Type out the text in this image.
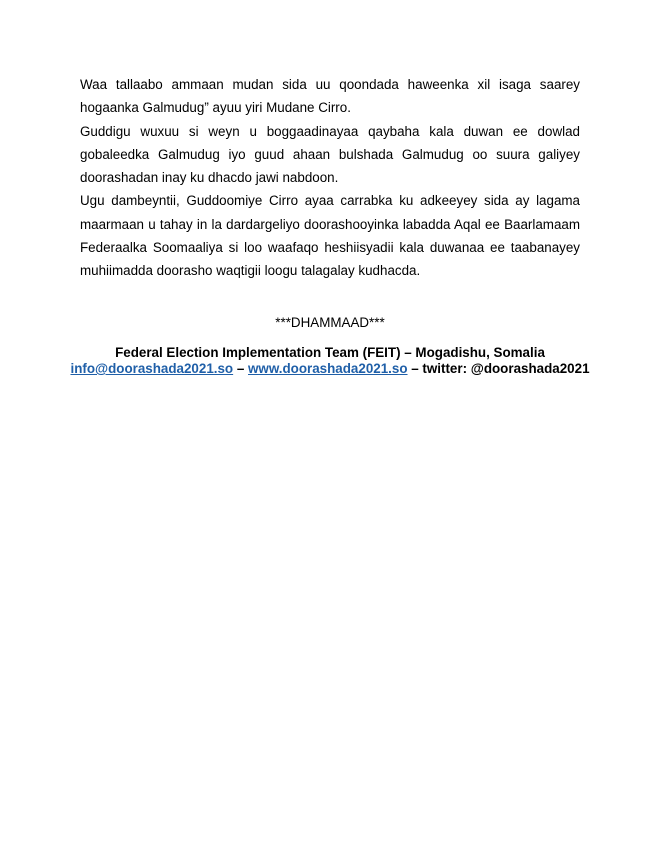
Waa tallaabo ammaan mudan sida uu qoondada haweenka xil isaga saarey hogaanka Galmudug” ayuu yiri Mudane Cirro.

Guddigu wuxuu si weyn u boggaadinayaa qaybaha kala duwan ee dowlad gobaleedka Galmudug iyo guud ahaan bulshada Galmudug oo suura galiyey doorashadan inay ku dhacdo jawi nabdoon.

Ugu dambeyntii, Guddoomiye Cirro ayaa carrabka ku adkeeyey sida ay lagama maarmaan u tahay in la dardargeliyo doorashooyinka labadda Aqal ee Baarlamaam Federaalka Soomaaliya si loo waafaqo heshiisyadii kala duwanaa ee taabanayey muhiimadda doorasho waqtigii loogu talagalay kudhacda.

***DHAMMAAD***
Federal Election Implementation Team (FEIT) – Mogadishu, Somalia
info@doorashada2021.so – www.doorashada2021.so – twitter: @doorashada2021
